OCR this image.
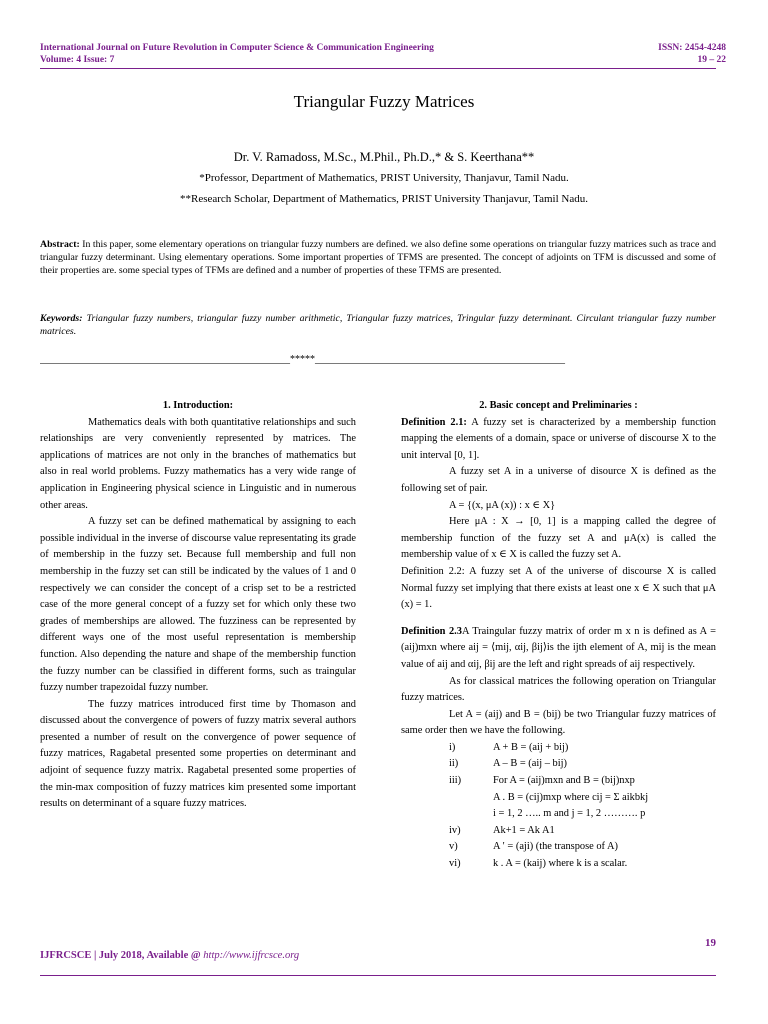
International Journal on Future Revolution in Computer Science & Communication Engineering
Volume: 4 Issue: 7
ISSN: 2454-4248
19 – 22
Triangular Fuzzy Matrices
Dr. V. Ramadoss, M.Sc., M.Phil., Ph.D.,* & S. Keerthana**
*Professor, Department of Mathematics, PRIST University, Thanjavur, Tamil Nadu.
**Research Scholar, Department of Mathematics, PRIST University Thanjavur, Tamil Nadu.
Abstract: In this paper, some elementary operations on triangular fuzzy numbers are defined. we also define some operations on triangular fuzzy matrices such as trace and triangular fuzzy determinant. Using elementary operations. Some important properties of TFMS are presented. The concept of adjoints on TFM is discussed and some of their properties are. some special types of TFMs are defined and a number of properties of these TFMS are presented.
Keywords: Triangular fuzzy numbers, triangular fuzzy number arithmetic, Triangular fuzzy matrices, Tringular fuzzy determinant. Circulant triangular fuzzy number matrices.
__________________________________________________*****__________________________________________________

1. Introduction:

Mathematics deals with both quantitative relationships and such relationships are very conveniently represented by matrices. The applications of matrices are not only in the branches of mathematics but also in real world problems. Fuzzy mathematics has a very wide range of application in Engineering physical science in Linguistic and in numerous other areas.

A fuzzy set can be defined mathematical by assigning to each possible individual in the inverse of discourse value representating its grade of membership in the fuzzy set. Because full membership and full non membership in the fuzzy set can still be indicated by the values of 1 and 0 respectively we can consider the concept of a crisp set to be a restricted case of the more general concept of a fuzzy set for which only these two grades of memberships are allowed. The fuzziness can be represented by different ways one of the most useful representation is membership function. Also depending the nature and shape of the membership function the fuzzy number can be classified in different forms, such as traingular fuzzy number trapezoidal fuzzy number.

The fuzzy matrices introduced first time by Thomason and discussed about the convergence of powers of fuzzy matrix several authors presented a number of result on the convergence of power sequence of fuzzy matrices, Ragabetal presented some properties on determinant and adjoint of sequence fuzzy matrix. Ragabetal presented some properties of the min-max composition of fuzzy matrices kim presented some important results on determinant of a square fuzzy matrices.

2. Basic concept and Preliminaries :

Definition 2.1: A fuzzy set is characterized by a membership function mapping the elements of a domain, space or universe of discourse X to the unit interval [0, 1].

A fuzzy set A in a universe of disource X is defined as the following set of pair.

A = {(x, μA (x)) : x ∈ X}

Here μA : X → [0, 1] is a mapping called the degree of membership function of the fuzzy set A and μA(x) is called the membership value of x ∈ X is called the fuzzy set A.

Definition 2.2: A fuzzy set A of the universe of discourse X is called Normal fuzzy set implying that there exists at least one x ∈ X such that μA (x) = 1.

Definition 2.3A Traingular fuzzy matrix of order m x n is defined as A = (aij)mxn where aij = ⟨mij, αij, βij⟩is the ijth element of A, mij is the mean value of aij and αij, βij are the left and right spreads of aij respectively.

As for classical matrices the following operation on Triangular fuzzy matrices.

Let A = (aij) and B = (bij) be two Triangular fuzzy matrices of same order then we have the following.

i)	A + B = (aij + bij)
ii)	A – B = (aij – bij)
iii)	For A = (aij)mxn and B = (bij)nxp
A . B = (cij)mxp where cij = Σ aikbkj
i = 1, 2 ….. m and j = 1, 2 ………. p
iv)	Ak+1 = Ak A1
v)	A ′ = (aji) (the transpose of A)
vi)	k . A = (kaij) where k is a scalar.
19
IJFRCSCE | July 2018, Available @ http://www.ijfrcsce.org
